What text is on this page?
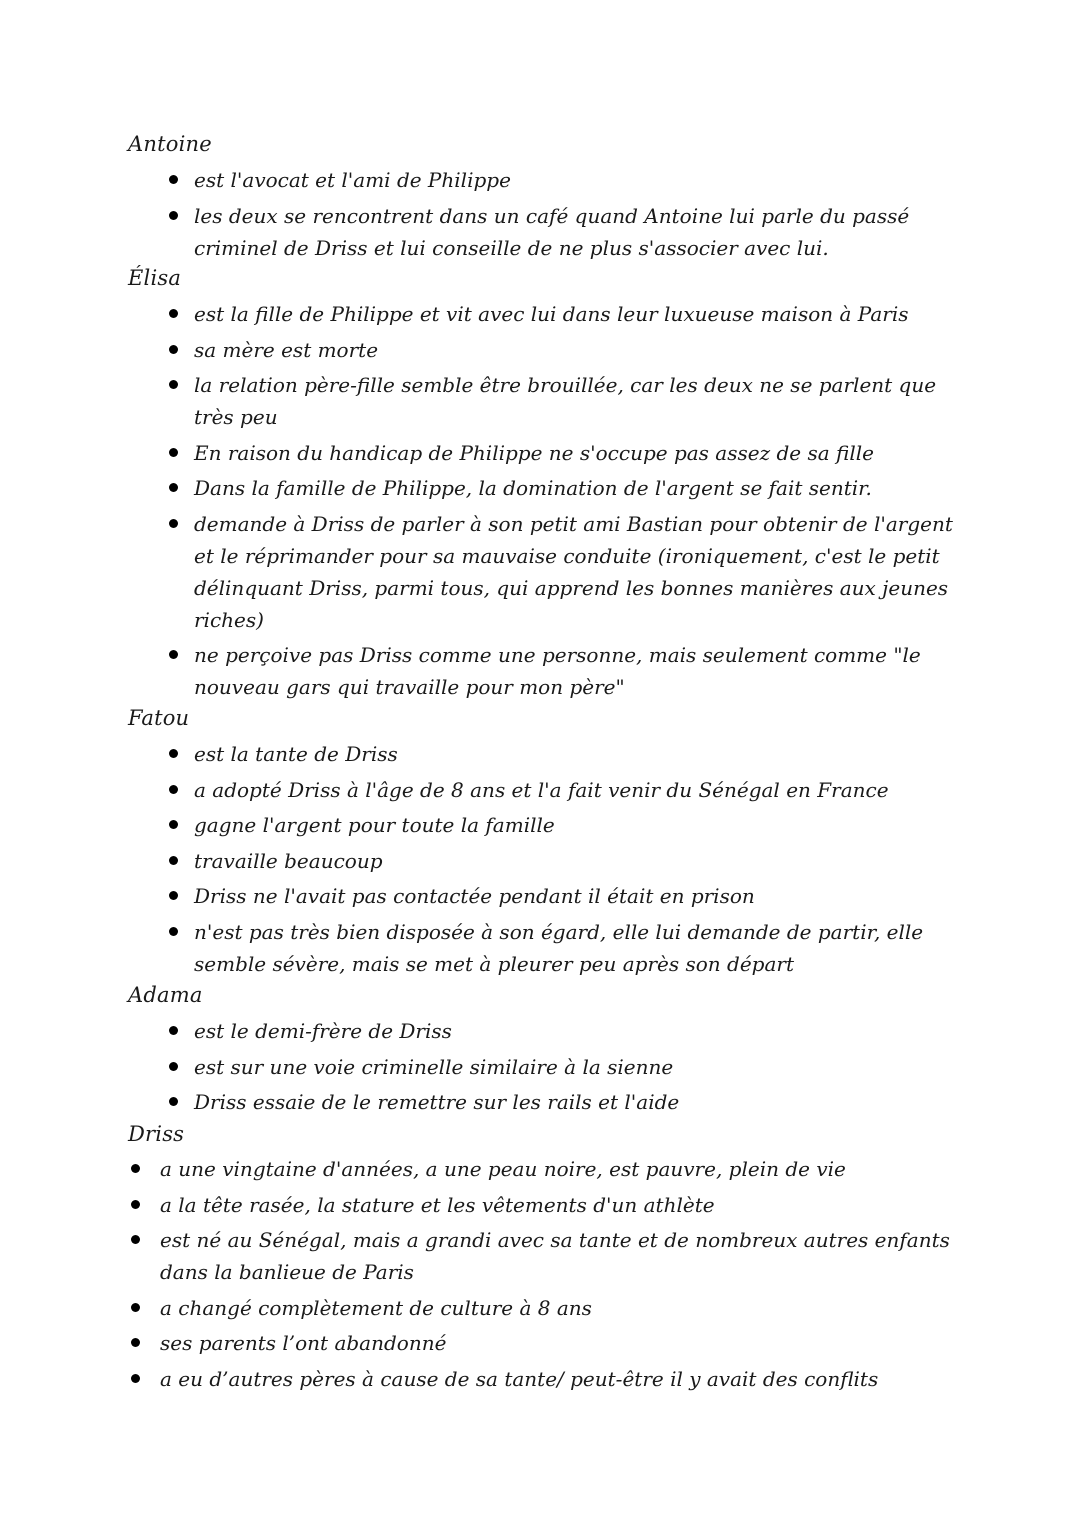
Antoine
est l'avocat et l'ami de Philippe
les deux se rencontrent dans un café quand Antoine lui parle du passé criminel de Driss et lui conseille de ne plus s'associer avec lui.
Élisa
est la fille de Philippe et vit avec lui dans leur luxueuse maison à Paris
sa mère est morte
la relation père-fille semble être brouillée, car les deux ne se parlent que très peu
En raison du handicap de Philippe ne s'occupe pas assez de sa fille
Dans la famille de Philippe, la domination de l'argent se fait sentir.
demande à Driss de parler à son petit ami Bastian pour obtenir de l'argent et le réprimander pour sa mauvaise conduite (ironiquement, c'est le petit délinquant Driss, parmi tous, qui apprend les bonnes manières aux jeunes riches)
ne perçoive pas Driss comme une personne, mais seulement comme "le nouveau gars qui travaille pour mon père"
Fatou
est la tante de Driss
a adopté Driss à l'âge de 8 ans et l'a fait venir du Sénégal en France
gagne l'argent pour toute la famille
travaille beaucoup
Driss ne l'avait pas contactée pendant il était en prison
n'est pas très bien disposée à son égard, elle lui demande de partir, elle semble sévère, mais se met à pleurer peu après son départ
Adama
est le demi-frère de Driss
est sur une voie criminelle similaire à la sienne
Driss essaie de le remettre sur les rails et l'aide
Driss
a une vingtaine d'années, a une peau noire, est pauvre, plein de vie
a la tête rasée, la stature et les vêtements d'un athlète
est né au Sénégal, mais a grandi avec sa tante et de nombreux autres enfants dans la banlieue de Paris
a changé complètement de culture à 8 ans
ses parents l’ont abandonné
a eu d’autres pères à cause de sa tante/ peut-être il y avait des conflits
